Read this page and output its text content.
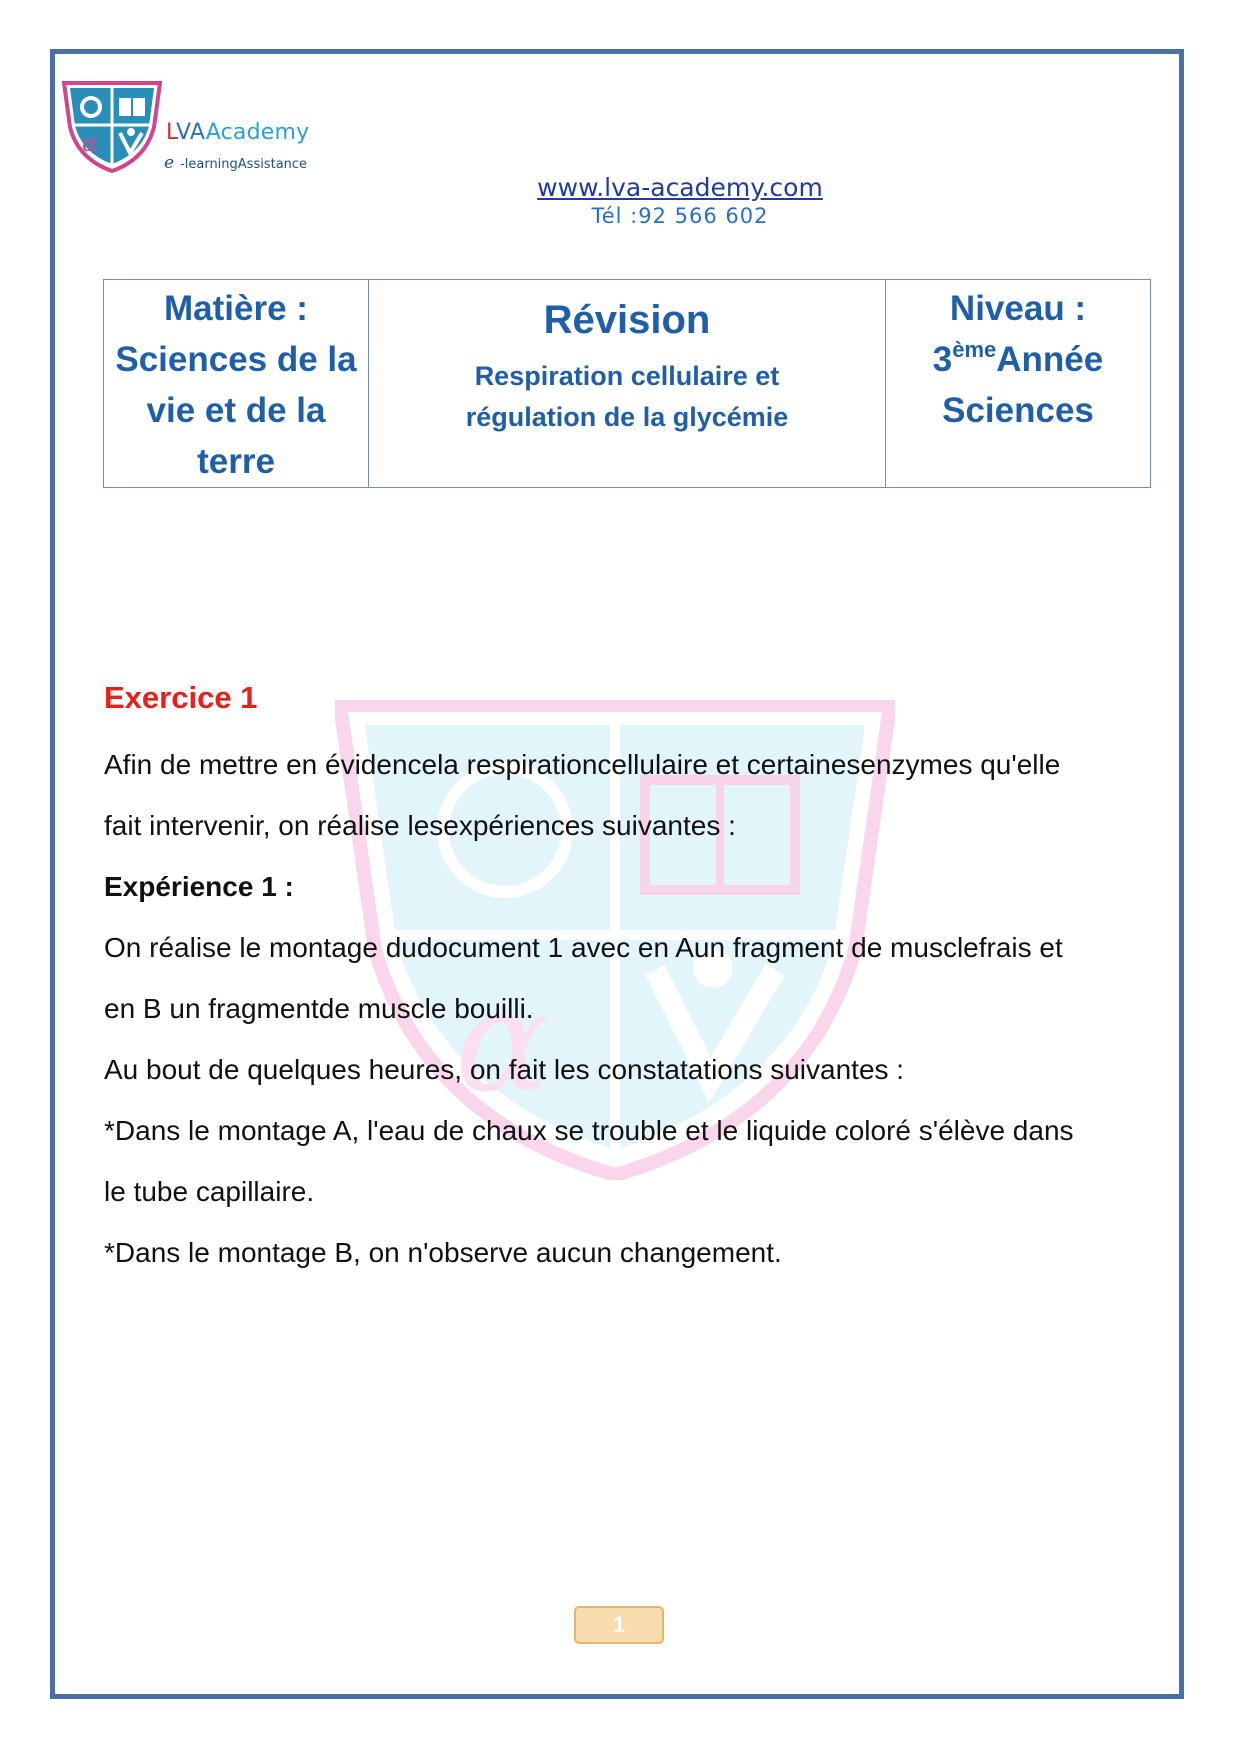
α	LVAAcademy
e -learningAssistance
www.lva-academy.com
Tél :92 566 602
Matière :
Sciences de la
vie et de la
terre

Révision
Respiration cellulaire et
régulation de la glycémie

Niveau :
3èmeAnnée
Sciences
α
Exercice 1

Afin de mettre en évidencela respirationcellulaire et certainesenzymes qu'elle

fait intervenir, on réalise lesexpériences suivantes :

Expérience 1 :

On réalise le montage dudocument 1 avec en Aun fragment de musclefrais et

en B un fragmentde muscle bouilli.

Au bout de quelques heures, on fait les constatations suivantes :

*Dans le montage A, l'eau de chaux se trouble et le liquide coloré s'élève dans

le tube capillaire.

*Dans le montage B, on n'observe aucun changement.

1
